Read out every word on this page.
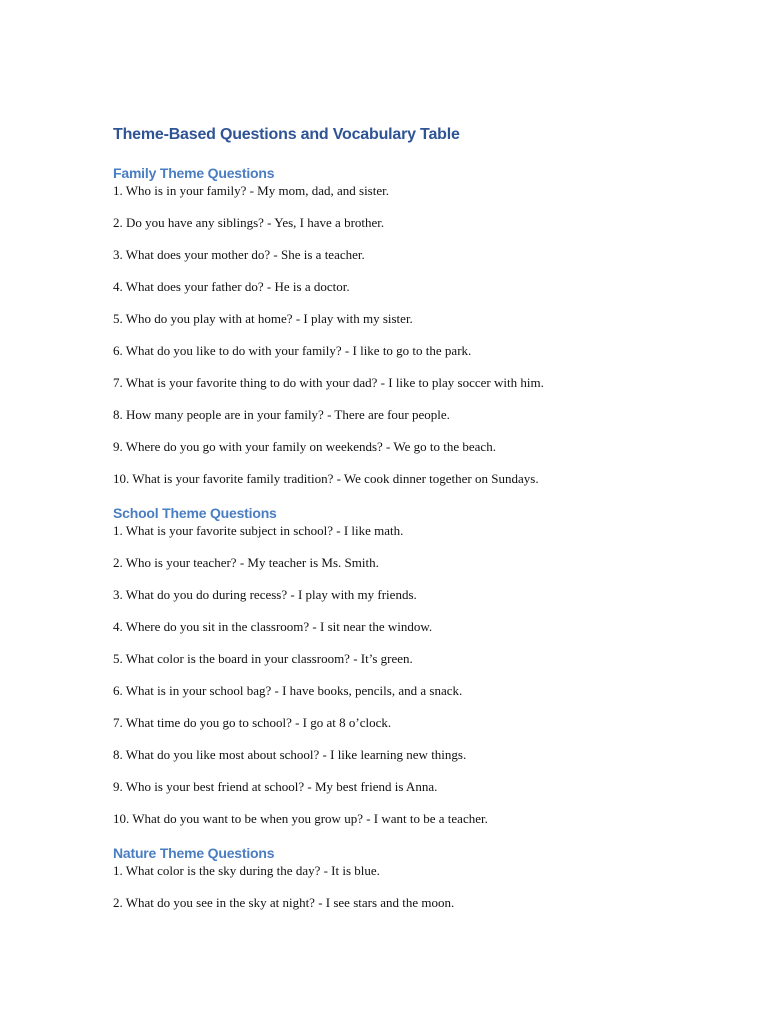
Theme-Based Questions and Vocabulary Table
Family Theme Questions

1. Who is in your family? - My mom, dad, and sister.

2. Do you have any siblings? - Yes, I have a brother.

3. What does your mother do? - She is a teacher.

4. What does your father do? - He is a doctor.

5. Who do you play with at home? - I play with my sister.

6. What do you like to do with your family? - I like to go to the park.

7. What is your favorite thing to do with your dad? - I like to play soccer with him.

8. How many people are in your family? - There are four people.

9. Where do you go with your family on weekends? - We go to the beach.

10. What is your favorite family tradition? - We cook dinner together on Sundays.

School Theme Questions

1. What is your favorite subject in school? - I like math.

2. Who is your teacher? - My teacher is Ms. Smith.

3. What do you do during recess? - I play with my friends.

4. Where do you sit in the classroom? - I sit near the window.

5. What color is the board in your classroom? - It’s green.

6. What is in your school bag? - I have books, pencils, and a snack.

7. What time do you go to school? - I go at 8 o’clock.

8. What do you like most about school? - I like learning new things.

9. Who is your best friend at school? - My best friend is Anna.

10. What do you want to be when you grow up? - I want to be a teacher.

Nature Theme Questions

1. What color is the sky during the day? - It is blue.

2. What do you see in the sky at night? - I see stars and the moon.
